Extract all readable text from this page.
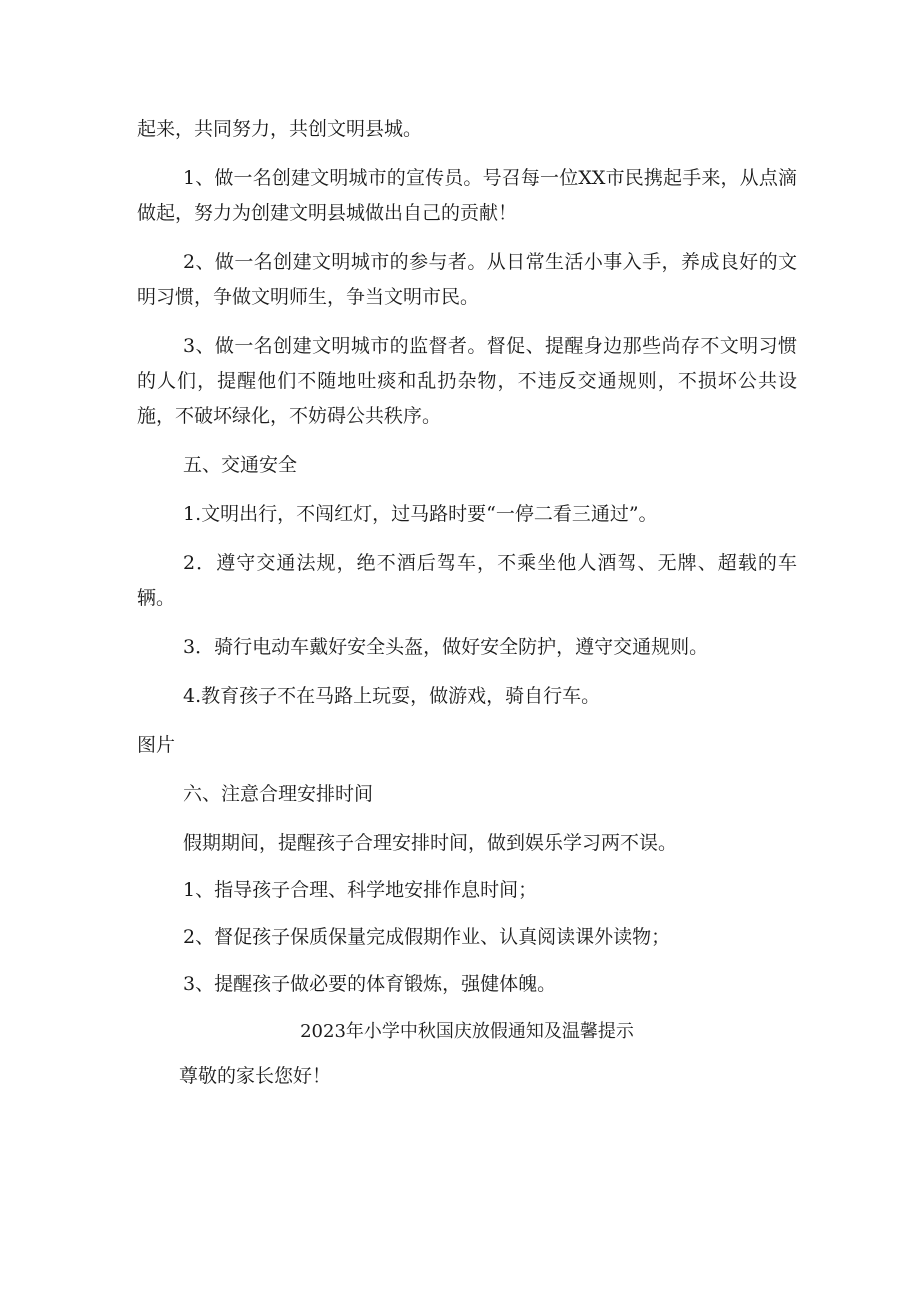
起来，共同努力，共创文明县城。

1、做一名创建文明城市的宣传员。号召每一位XX市民携起手来，从点滴做起，努力为创建文明县城做出自己的贡献！

2、做一名创建文明城市的参与者。从日常生活小事入手，养成良好的文明习惯，争做文明师生，争当文明市民。

3、做一名创建文明城市的监督者。督促、提醒身边那些尚存不文明习惯的人们，提醒他们不随地吐痰和乱扔杂物，不违反交通规则，不损坏公共设施，不破坏绿化，不妨碍公共秩序。

五、交通安全

1.文明出行，不闯红灯，过马路时要“一停二看三通过”。

2．遵守交通法规，绝不酒后驾车，不乘坐他人酒驾、无牌、超载的车辆。

3．骑行电动车戴好安全头盔，做好安全防护，遵守交通规则。

4.教育孩子不在马路上玩耍，做游戏，骑自行车。

图片

六、注意合理安排时间

假期期间，提醒孩子合理安排时间，做到娱乐学习两不误。

1、指导孩子合理、科学地安排作息时间；

2、督促孩子保质保量完成假期作业、认真阅读课外读物；

3、提醒孩子做必要的体育锻炼，强健体魄。

2023年小学中秋国庆放假通知及温馨提示

尊敬的家长您好！
